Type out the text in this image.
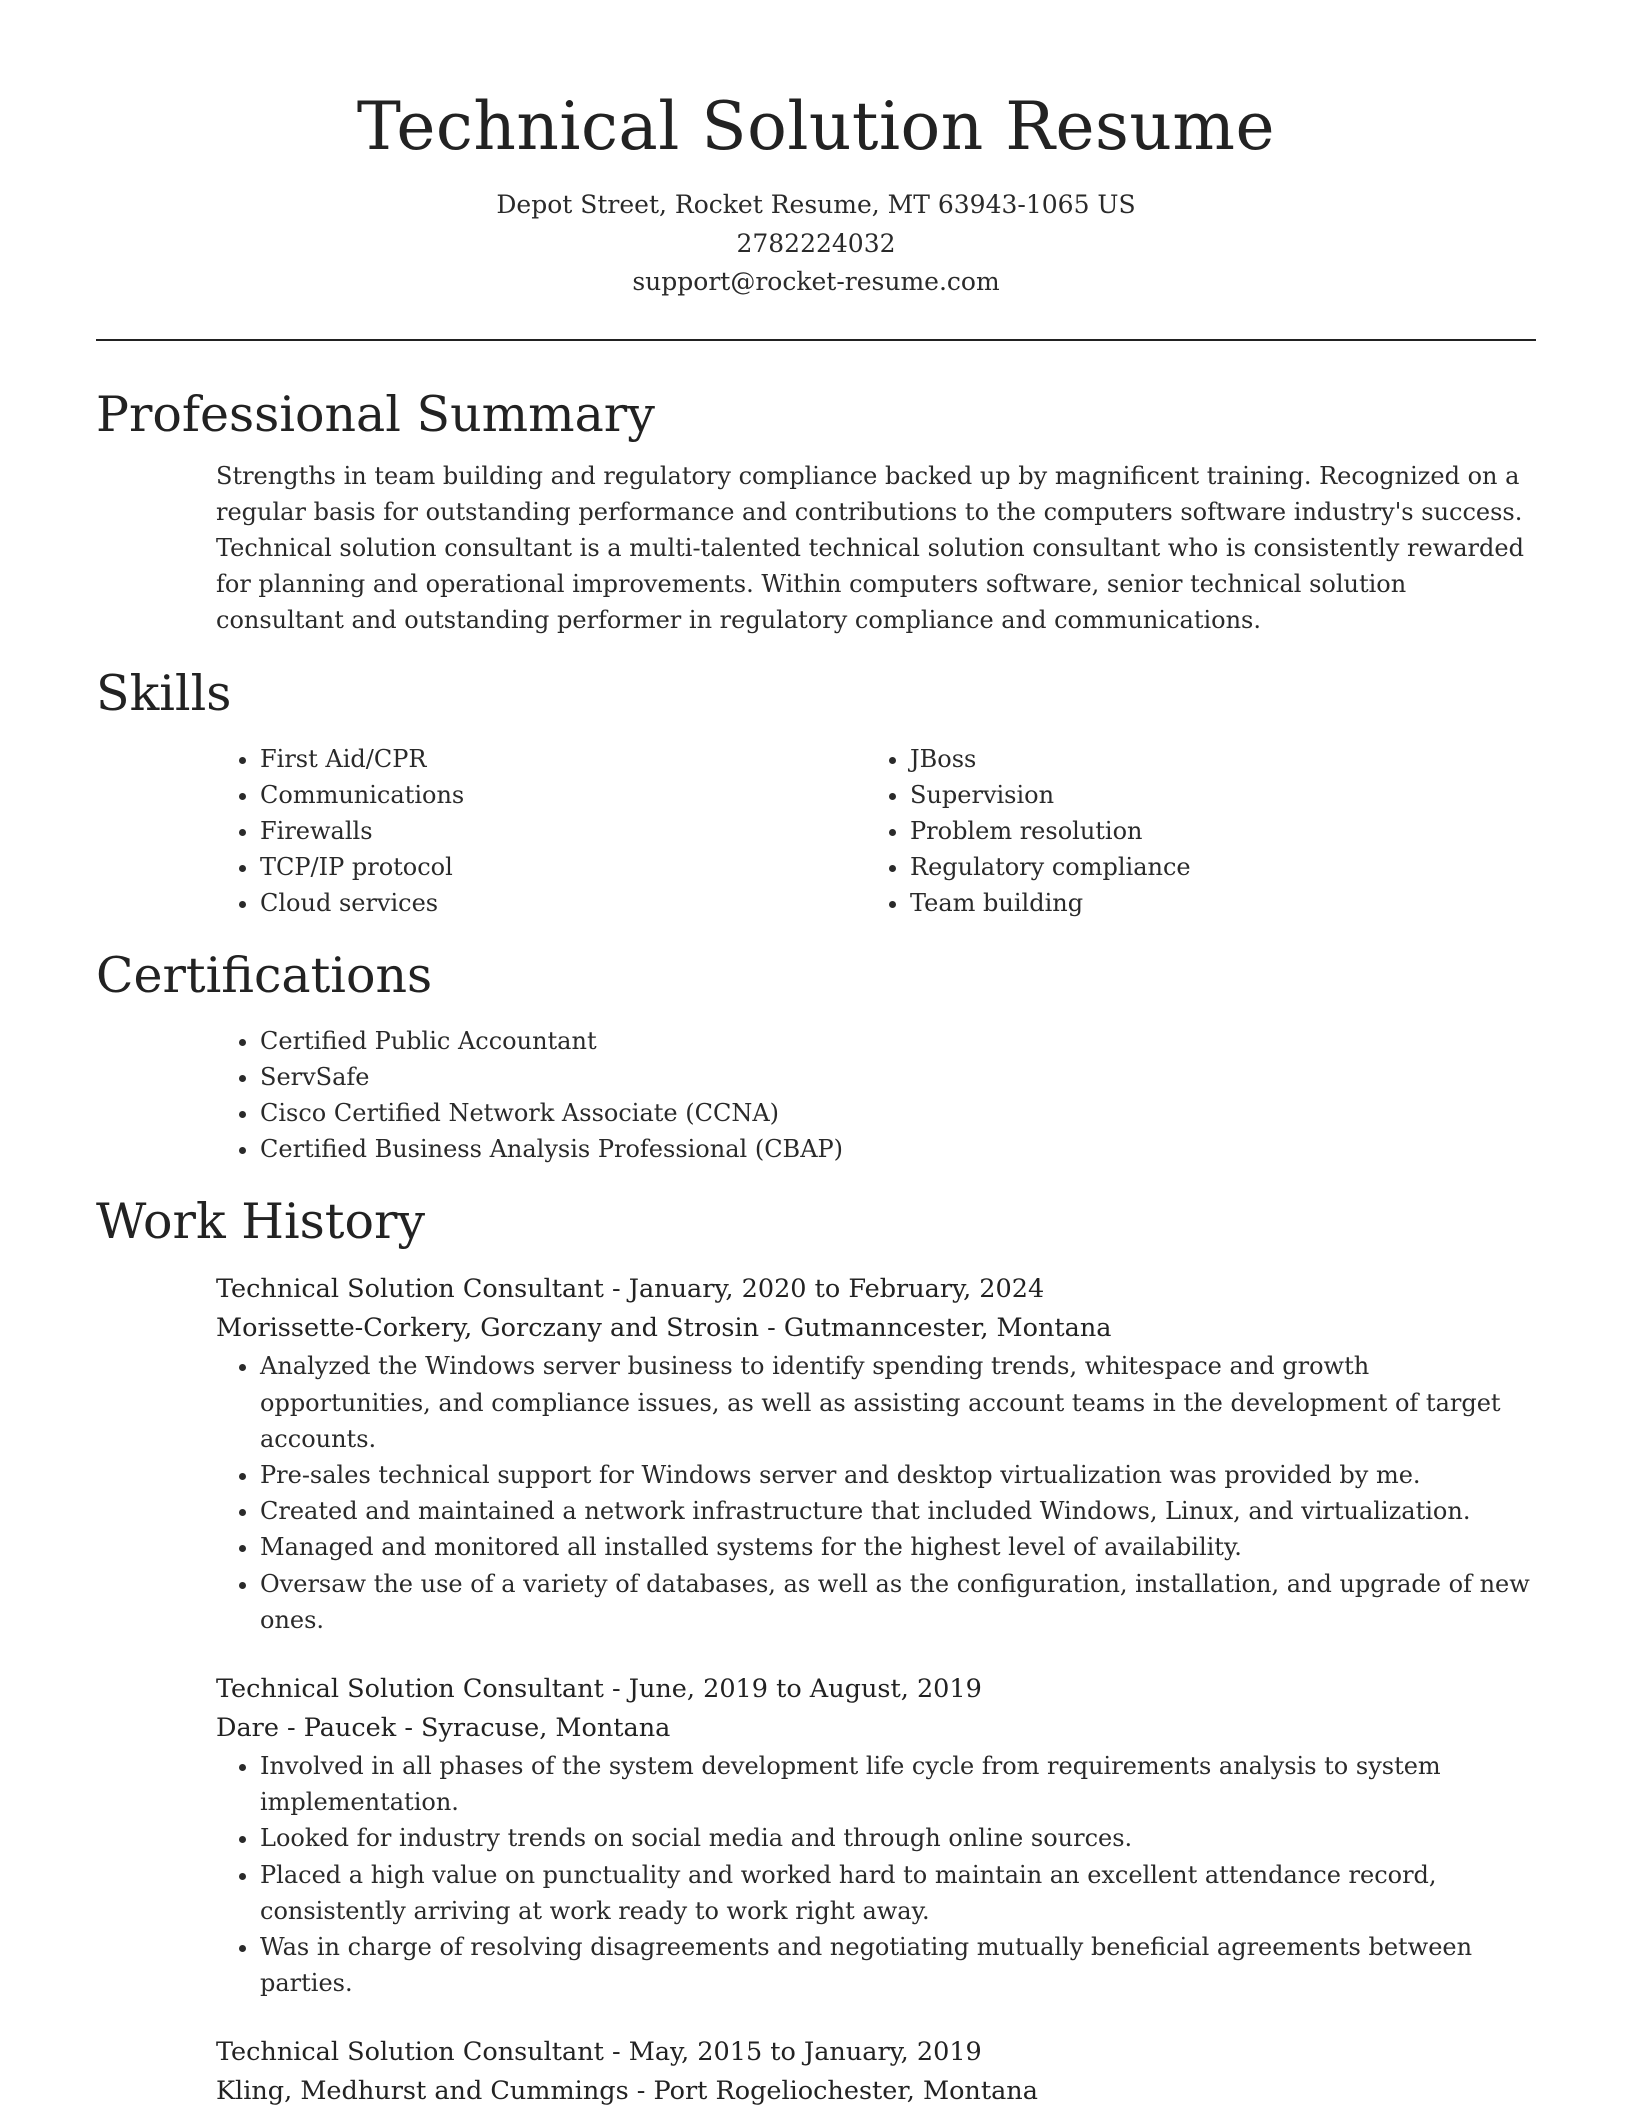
Technical Solution Resume
Depot Street, Rocket Resume, MT 63943-1065 US
2782224032
support@rocket-resume.com
Professional Summary

Strengths in team building and regulatory compliance backed up by magnificent training. Recognized on a regular basis for outstanding performance and contributions to the computers software industry's success. Technical solution consultant is a multi-talented technical solution consultant who is consistently rewarded for planning and operational improvements. Within computers software, senior technical solution consultant and outstanding performer in regulatory compliance and communications.

Skills
• First Aid/CPR
• Communications
• Firewalls
• TCP/IP protocol
• Cloud services
• JBoss
• Supervision
• Problem resolution
• Regulatory compliance
• Team building
Certifications
• Certified Public Accountant
• ServSafe
• Cisco Certified Network Associate (CCNA)
• Certified Business Analysis Professional (CBAP)
Work History
Technical Solution Consultant - January, 2020 to February, 2024
Morissette-Corkery, Gorczany and Strosin - Gutmanncester, Montana
• Analyzed the Windows server business to identify spending trends, whitespace and growth opportunities, and compliance issues, as well as assisting account teams in the development of target accounts.
• Pre-sales technical support for Windows server and desktop virtualization was provided by me.
• Created and maintained a network infrastructure that included Windows, Linux, and virtualization.
• Managed and monitored all installed systems for the highest level of availability.
• Oversaw the use of a variety of databases, as well as the configuration, installation, and upgrade of new ones.
Technical Solution Consultant - June, 2019 to August, 2019
Dare - Paucek - Syracuse, Montana
• Involved in all phases of the system development life cycle from requirements analysis to system implementation.
• Looked for industry trends on social media and through online sources.
• Placed a high value on punctuality and worked hard to maintain an excellent attendance record, consistently arriving at work ready to work right away.
• Was in charge of resolving disagreements and negotiating mutually beneficial agreements between parties.
Technical Solution Consultant - May, 2015 to January, 2019
Kling, Medhurst and Cummings - Port Rogeliochester, Montana
